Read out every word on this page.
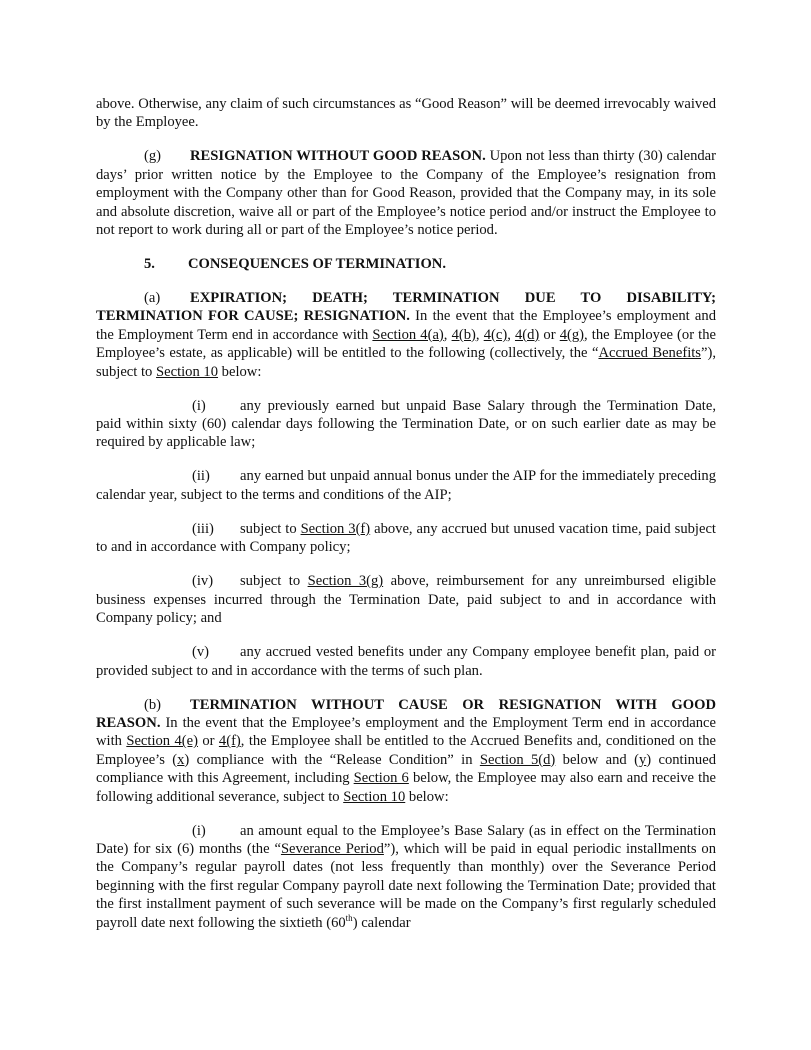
above. Otherwise, any claim of such circumstances as “Good Reason” will be deemed irrevocably waived by the Employee.

(g) RESIGNATION WITHOUT GOOD REASON. Upon not less than thirty (30) calendar days’ prior written notice by the Employee to the Company of the Employee’s resignation from employment with the Company other than for Good Reason, provided that the Company may, in its sole and absolute discretion, waive all or part of the Employee’s notice period and/or instruct the Employee to not report to work during all or part of the Employee’s notice period.

5. CONSEQUENCES OF TERMINATION.

(a) EXPIRATION; DEATH; TERMINATION DUE TO DISABILITY; TERMINATION FOR CAUSE; RESIGNATION. In the event that the Employee’s employment and the Employment Term end in accordance with Section 4(a), 4(b), 4(c), 4(d) or 4(g), the Employee (or the Employee’s estate, as applicable) will be entitled to the following (collectively, the “Accrued Benefits”), subject to Section 10 below:

(i) any previously earned but unpaid Base Salary through the Termination Date, paid within sixty (60) calendar days following the Termination Date, or on such earlier date as may be required by applicable law;

(ii) any earned but unpaid annual bonus under the AIP for the immediately preceding calendar year, subject to the terms and conditions of the AIP;

(iii) subject to Section 3(f) above, any accrued but unused vacation time, paid subject to and in accordance with Company policy;

(iv) subject to Section 3(g) above, reimbursement for any unreimbursed eligible business expenses incurred through the Termination Date, paid subject to and in accordance with Company policy; and

(v) any accrued vested benefits under any Company employee benefit plan, paid or provided subject to and in accordance with the terms of such plan.

(b) TERMINATION WITHOUT CAUSE OR RESIGNATION WITH GOOD REASON. In the event that the Employee’s employment and the Employment Term end in accordance with Section 4(e) or 4(f), the Employee shall be entitled to the Accrued Benefits and, conditioned on the Employee’s (x) compliance with the “Release Condition” in Section 5(d) below and (y) continued compliance with this Agreement, including Section 6 below, the Employee may also earn and receive the following additional severance, subject to Section 10 below:

(i) an amount equal to the Employee’s Base Salary (as in effect on the Termination Date) for six (6) months (the “Severance Period”), which will be paid in equal periodic installments on the Company’s regular payroll dates (not less frequently than monthly) over the Severance Period beginning with the first regular Company payroll date next following the Termination Date; provided that the first installment payment of such severance will be made on the Company’s first regularly scheduled payroll date next following the sixtieth (60th) calendar
